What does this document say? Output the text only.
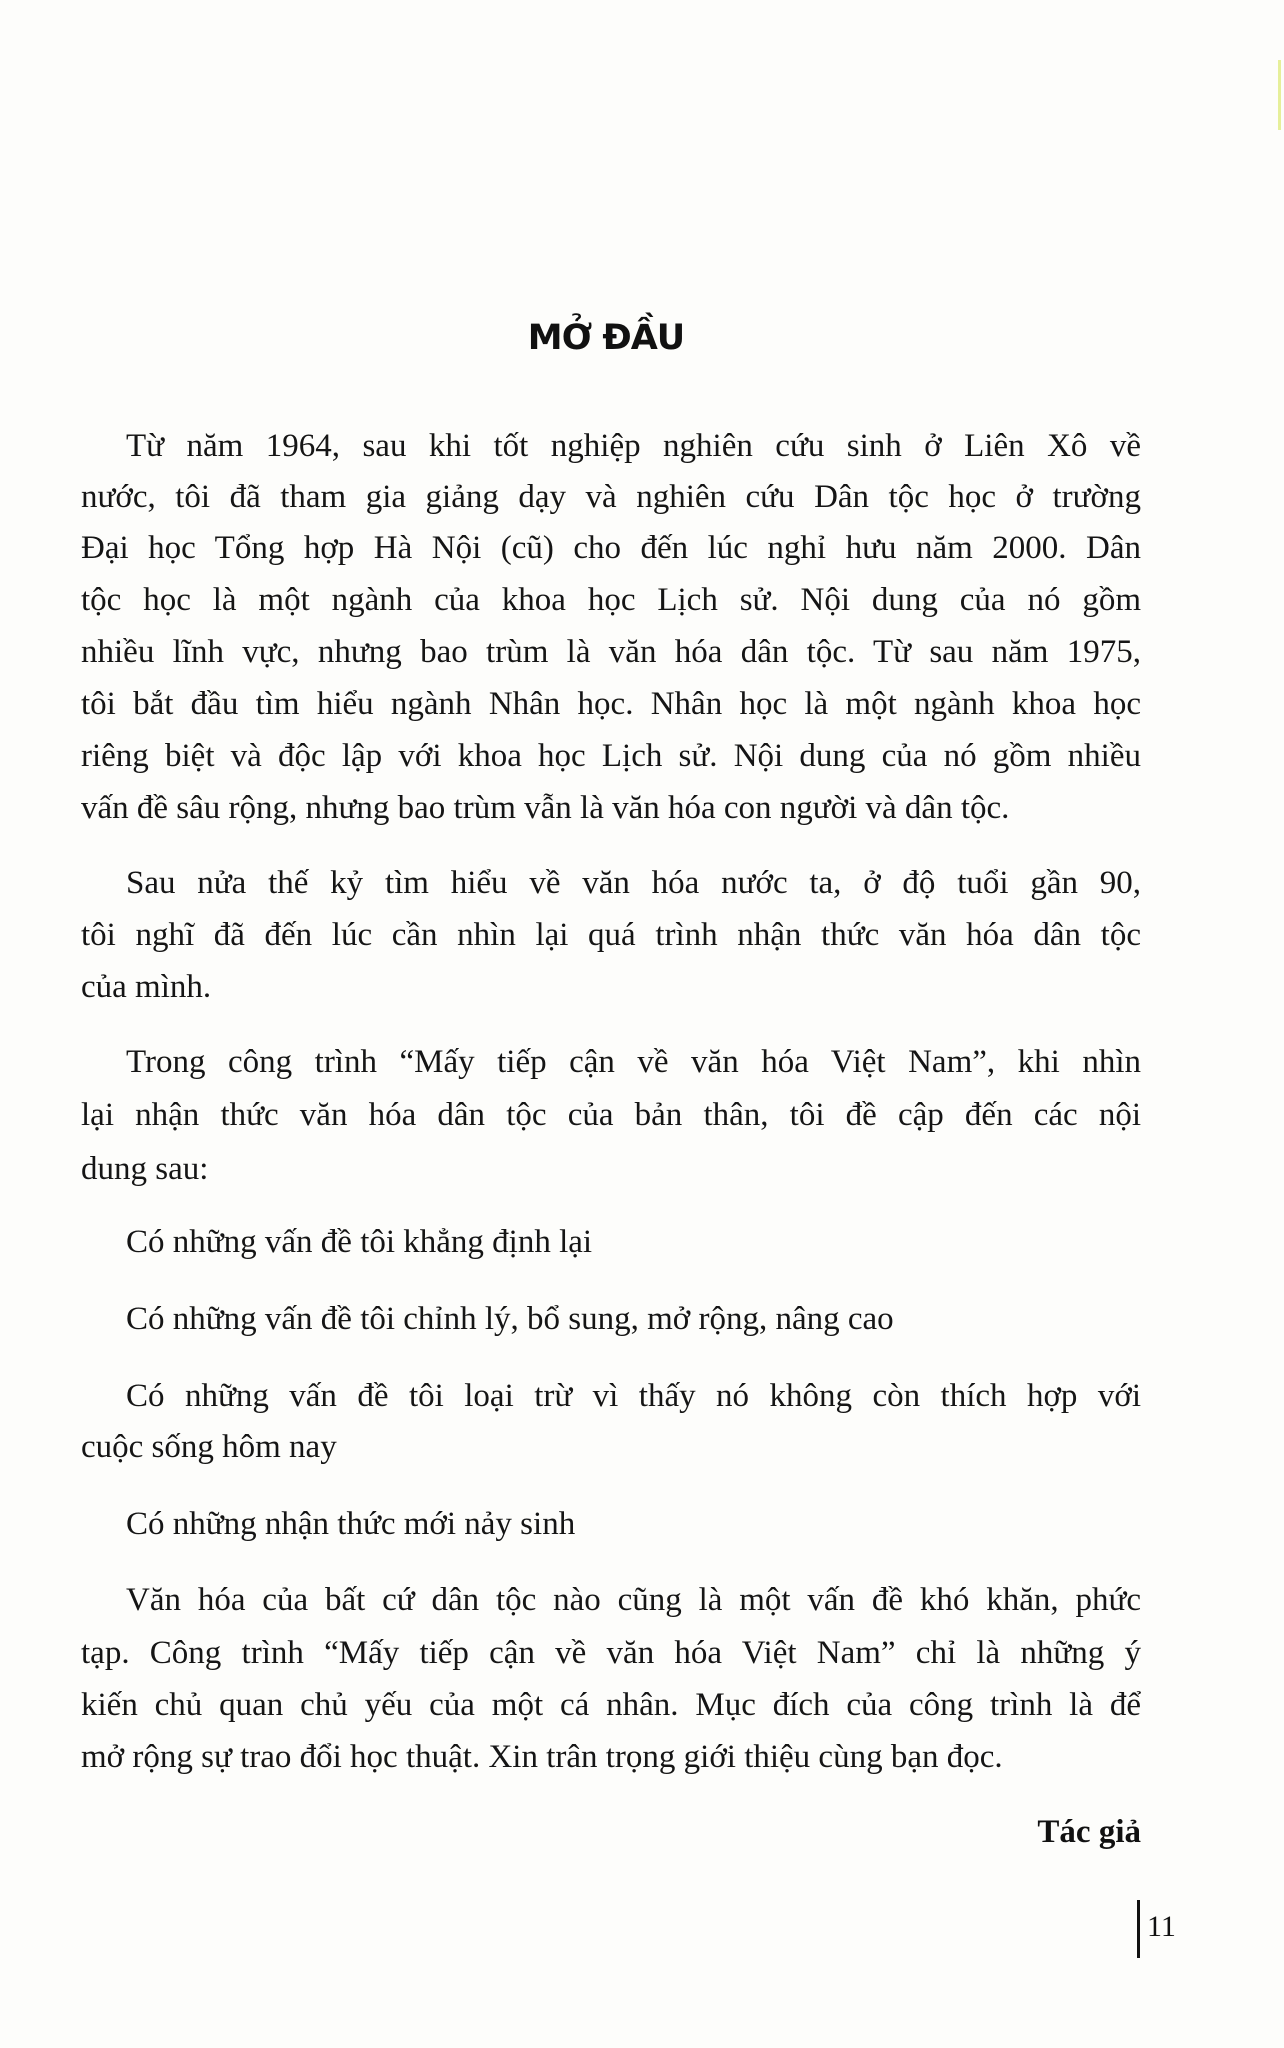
MỞ ĐẦU
Từ năm 1964, sau khi tốt nghiệp nghiên cứu sinh ở Liên Xô về
nước, tôi đã tham gia giảng dạy và nghiên cứu Dân tộc học ở trường
Đại học Tổng hợp Hà Nội (cũ) cho đến lúc nghỉ hưu năm 2000. Dân
tộc học là một ngành của khoa học Lịch sử. Nội dung của nó gồm
nhiều lĩnh vực, nhưng bao trùm là văn hóa dân tộc. Từ sau năm 1975,
tôi bắt đầu tìm hiểu ngành Nhân học. Nhân học là một ngành khoa học
riêng biệt và độc lập với khoa học Lịch sử. Nội dung của nó gồm nhiều
vấn đề sâu rộng, nhưng bao trùm vẫn là văn hóa con người và dân tộc.
Sau nửa thế kỷ tìm hiểu về văn hóa nước ta, ở độ tuổi gần 90,
tôi nghĩ đã đến lúc cần nhìn lại quá trình nhận thức văn hóa dân tộc
của mình.
Trong công trình “Mấy tiếp cận về văn hóa Việt Nam”, khi nhìn
lại nhận thức văn hóa dân tộc của bản thân, tôi đề cập đến các nội
dung sau:
Có những vấn đề tôi khẳng định lại
Có những vấn đề tôi chỉnh lý, bổ sung, mở rộng, nâng cao
Có những vấn đề tôi loại trừ vì thấy nó không còn thích hợp với
cuộc sống hôm nay
Có những nhận thức mới nảy sinh
Văn hóa của bất cứ dân tộc nào cũng là một vấn đề khó khăn, phức
tạp. Công trình “Mấy tiếp cận về văn hóa Việt Nam” chỉ là những ý
kiến chủ quan chủ yếu của một cá nhân. Mục đích của công trình là để
mở rộng sự trao đổi học thuật. Xin trân trọng giới thiệu cùng bạn đọc.
Tác giả
11
